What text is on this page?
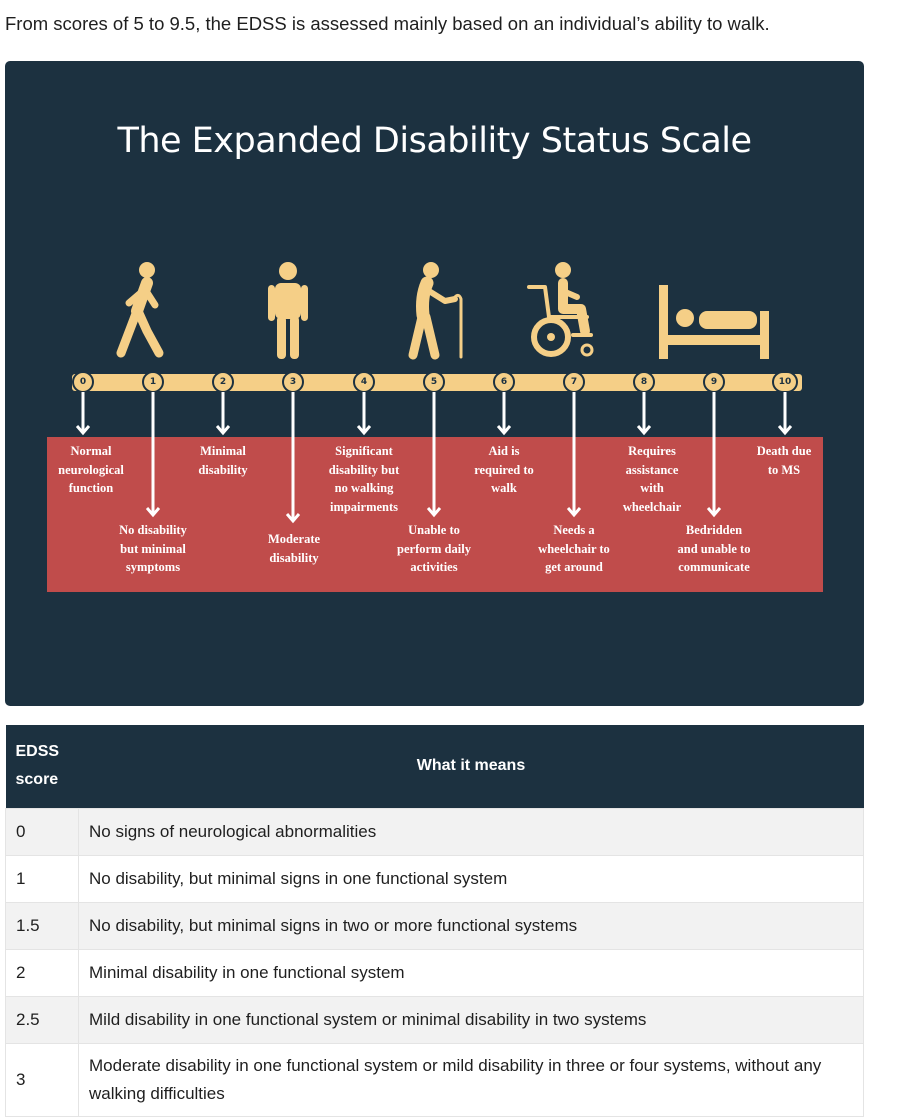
From scores of 5 to 9.5, the EDSS is assessed mainly based on an individual’s ability to walk.
The Expanded Disability Status Scale
0	1	2	3	4	5	6	7	8	9	10
Normal
neurological
function
Minimal
disability
Significant
disability but
no walking
impairments
Aid is
required to
walk
Requires
assistance
with
wheelchair
Death due
to MS
No disability
but minimal
symptoms
Moderate
disability
Unable to
perform daily
activities
Needs a
wheelchair to
get around
Bedridden
and unable to
communicate
EDSS
score	What it means
0	No signs of neurological abnormalities
1	No disability, but minimal signs in one functional system
1.5	No disability, but minimal signs in two or more functional systems
2	Minimal disability in one functional system
2.5	Mild disability in one functional system or minimal disability in two systems
3	Moderate disability in one functional system or mild disability in three or four systems, without any walking difficulties
